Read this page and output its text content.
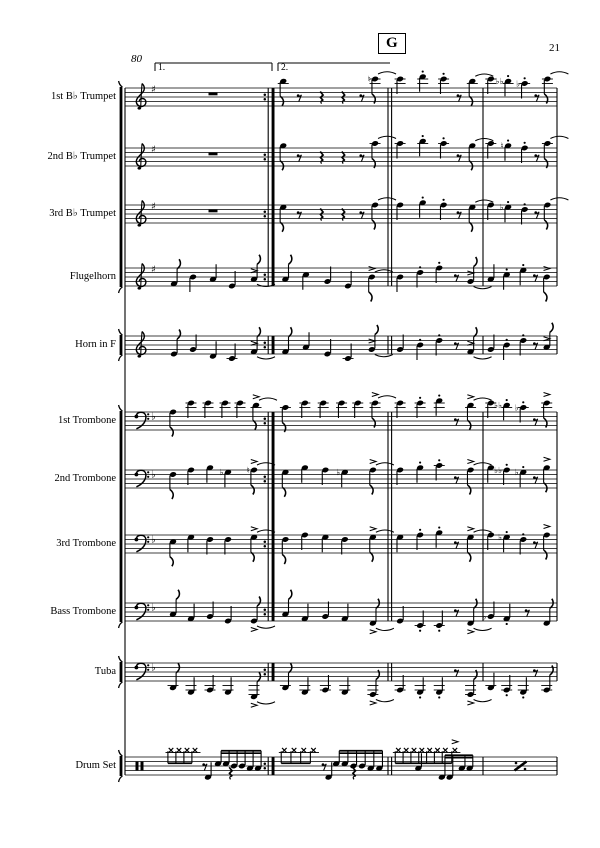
♯
♮	♭♭ ♭
♯	♮
♯	♭
♯
♭
♭♭ ♭
♭	♭	♮	♭	♭♭ ♭
♭	♭
♭
♭
♭
G	21
80
1.	2.
1st B♭ Trumpet
2nd B♭ Trumpet
3rd B♭ Trumpet
Flugelhorn
Horn in F
1st Trombone
2nd Trombone
3rd Trombone
Bass Trombone
Tuba
Drum Set
